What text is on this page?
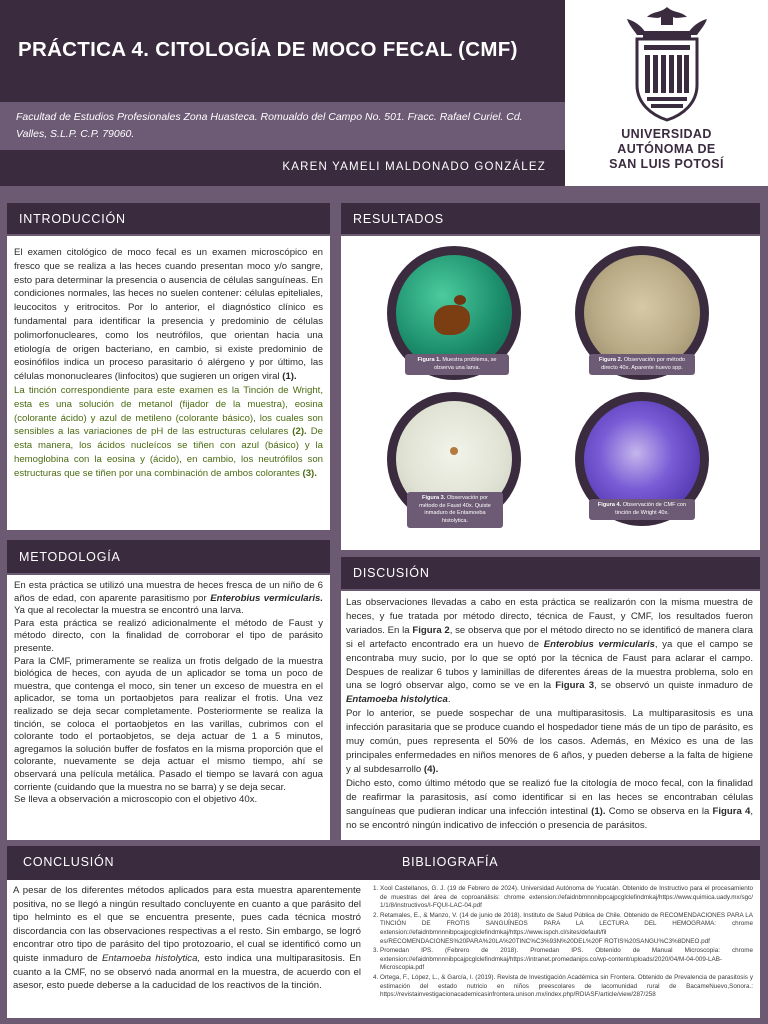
PRÁCTICA 4. CITOLOGÍA DE MOCO FECAL (CMF)
Facultad de Estudios Profesionales Zona Huasteca. Romualdo del Campo No. 501. Fracc. Rafael Curiel. Cd. Valles, S.L.P. C.P. 79060.
KAREN YAMELI MALDONADO GONZÁLEZ
UNIVERSIDAD
AUTÓNOMA DE
SAN LUIS POTOSÍ
INTRODUCCIÓN

El examen citológico de moco fecal es un examen microscópico en fresco que se realiza a las heces cuando presentan moco y/o sangre, esto para determinar la presencia o ausencia de células sanguíneas. En condiciones normales, las heces no suelen contener: células epiteliales, leucocitos y eritrocitos. Por lo anterior, el diagnóstico clínico es fundamental para identificar la presencia y predominio de células polimorfonucleares, como los neutrófilos, que orientan hacia una etiología de origen bacteriano, en cambio, si existe predominio de eosinófilos indica un proceso parasitario ó alérgeno y por último, las células mononucleares (linfocitos) que sugieren un origen viral (1).

La tinción correspondiente para este examen es la Tinción de Wright, esta es una solución de metanol (fijador de la muestra), eosina (colorante ácido) y azul de metileno (colorante básico), los cuales son sensibles a las variaciones de pH de las estructuras celulares (2). De esta manera, los ácidos nucleícos se tiñen con azul (básico) y la hemoglobina con la eosina y (ácido), en cambio, los neutrófilos son estructuras que se tiñen por una combinación de ambos colorantes (3).

METODOLOGÍA

En esta práctica se utilizó una muestra de heces fresca de un niño de 6 años de edad, con aparente parasitismo por Enterobius vermicularis. Ya que al recolectar la muestra se encontró una larva.

Para esta práctica se realizó adicionalmente el método de Faust y método directo, con la finalidad de corroborar el tipo de parásito presente.

Para la CMF, primeramente se realiza un frotis delgado de la muestra biológica de heces, con ayuda de un aplicador se toma un poco de muestra, que contenga el moco, sin tener un exceso de muestra en el aplicador, se toma un portaobjetos para realizar el frotis. Una vez realizado se deja secar completamente. Posteriormente se realiza la tinción, se coloca el portaobjetos en las varillas, cubrimos con el colorante todo el portaobjetos, se deja actuar de 1 a 5 minutos, agregamos la solución buffer de fosfatos en la misma proporción que el colorante, nuevamente se deja actuar el mismo tiempo, ahí se observará una película metálica. Pasado el tiempo se lavará con agua corriente (cuidando que la muestra no se barra) y se deja secar.

Se lleva a observación a microscopio con el objetivo 40x.

RESULTADOS
Figura 1. Muestra problema, se observa una larva.
Figura 2. Observación por método directo 40x. Aparente huevo spp.
Figura 3. Observación por método de Faust 40x. Quiste inmaduro de Entamoeba histolytica.
Figura 4. Observación de CMF con tinción de Wright 40x.
DISCUSIÓN

Las observaciones llevadas a cabo en esta práctica se realizarón con la misma muestra de heces, y fue tratada por método directo, técnica de Faust, y CMF, los resultados fueron variados. En la Figura 2, se observa que por el método directo no se identificó de manera clara si el artefacto encontrado era un huevo de Enterobius vermicularis, ya que el campo se encontraba muy sucio, por lo que se optó por la técnica de Faust para aclarar el campo. Despues de realizar 6 tubos y laminillas de diferentes áreas de la muestra problema, solo en una se logró observar algo, como se ve en la Figura 3, se observó un quiste inmaduro de Entamoeba histolytica.

Por lo anterior, se puede sospechar de una multiparasitosis. La multiparasitosis es una infección parasitaria que se produce cuando el hospedador tiene más de un tipo de parásito, es muy común, pues representa el 50% de los casos. Además, en México es una de las principales enfermedades en niños menores de 6 años, y pueden deberse a la falta de higiene y al subdesarrollo (4).

Dicho esto, como último método que se realizó fue la citología de moco fecal, con la finalidad de reafirmar la parasitosis, así como identificar si en las heces se encontraban células sanguíneas que pudieran indicar una infección intestinal (1). Como se observa en la Figura 4, no se encontró ningún indicativo de infección o presencia de parásitos.

CONCLUSIÓN	BIBLIOGRAFÍA

A pesar de los diferentes métodos aplicados para esta muestra aparentemente positiva, no se llegó a ningún resultado concluyente en cuanto a que parásito del tipo helminto es el que se encuentra presente, pues cada técnica mostró discordancia con las observaciones respectivas a el resto. Sin embargo, se logró encontrar otro tipo de parásito del tipo protozoario, el cual se identificó como un quiste inmaduro de Entamoeba histolytica, esto indica una multiparasitosis. En cuanto a la CMF, no se observó nada anormal en la muestra, de acuerdo con el asesor, esto puede deberse a la caducidad de los reactivos de la tinción.

1. Xool Castellanos, G. J. (19 de Febrero de 2024). Universidad Autónoma de Yucatán. Obtenido de Instructivo para el procesamiento de muestras del área de coproanálisis: chrome extension://efaidnbmnnnibpcajpcglclefindmkaj/https://www.quimica.uady.mx/sgc/ 1/1/8/instructivos/I-FQUI-LAC-04.pdf
2. Retamales, E., & Manzo, V. (14 de junio de 2018). Instituto de Salud Pública de Chile. Obtenido de RECOMENDACIONES PARA LA TINCIÓN DE FROTIS SANGUÍNEOS PARA LA LECTURA DEL HEMOGRAMA: chrome extension://efaidnbmnnnibpcajpcglclefindmkaj/https://www.ispch.cl/sites/default/fil es/RECOMENDACIONES%20PARA%20LA%20TINC%C3%93N%20DEL%20F ROTIS%20SANGU%C3%8DNEO.pdf
3. Promedan IPS. (Febrero de 2018). Promedan IPS. Obtenido de Manual Microscopia: chrome extension://efaidnbmnnnibpcajpcglclefindmkaj/https://intranet.promedanips.co/wp-content/uploads/2020/04/M-04-009-LAB-Microscopia.pdf
4. Ortega, F., López, L., & García, I. (2019). Revista de Investigación Académica sin Frontera. Obtenido de Prevalencia de parasitosis y estimación del estado nutricio en niños preescolares de lacomunidad rural de BacameNuevo,Sonora.: https://revistainvestigacionacademicasinfrontera.unison.mx/index.php/RDIASF/article/view/287/258
